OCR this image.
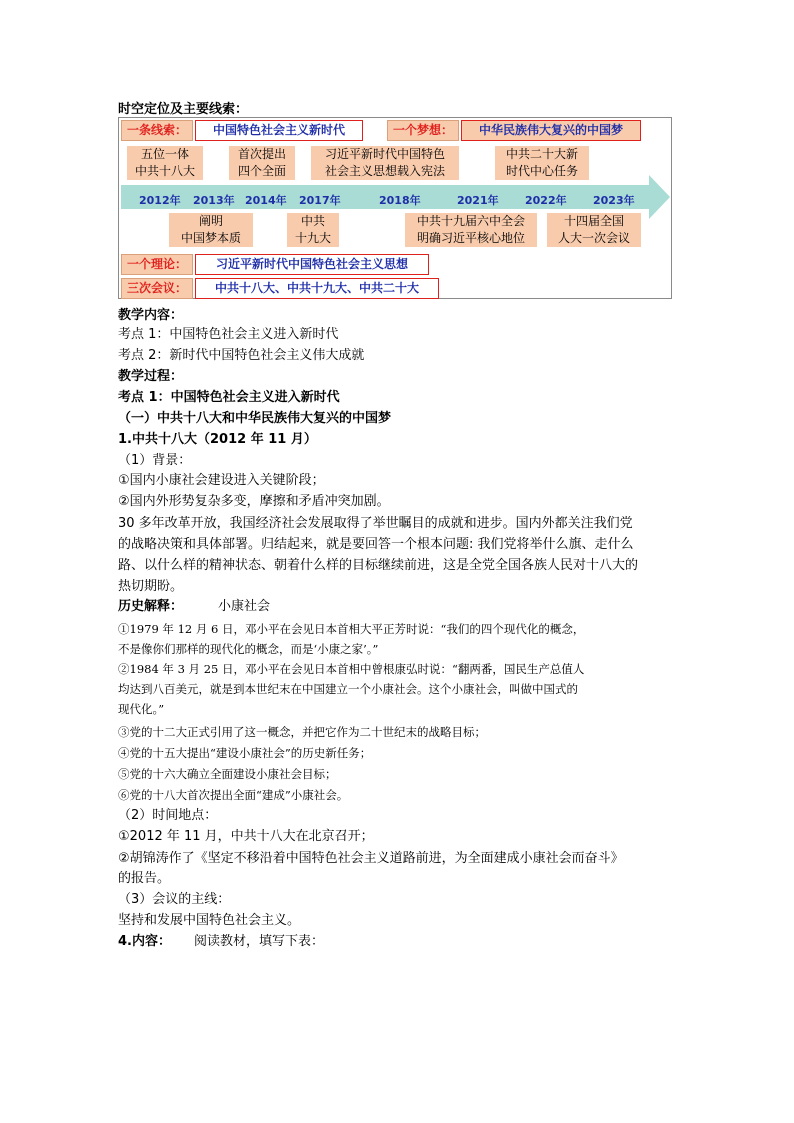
时空定位及主要线索：
一条线索：	中国特色社会主义新时代	一个梦想：	中华民族伟大复兴的中国梦
五位一体
中共十八大
首次提出
四个全面
习近平新时代中国特色
社会主义思想载入宪法
中共二十大新
时代中心任务
2012年 2013年 2014年 2017年	2018年	2021年 2022年 2023年
阐明
中国梦本质
中共
十九大
中共十九届六中全会
明确习近平核心地位
十四届全国
人大一次会议
一个理论：	习近平新时代中国特色社会主义思想
三次会议：	中共十八大、中共十九大、中共二十大
教学内容：
考点 1：中国特色社会主义进入新时代
考点 2：新时代中国特色社会主义伟大成就
教学过程：
考点 1：中国特色社会主义进入新时代
（一）中共十八大和中华民族伟大复兴的中国梦
1.中共十八大（2012 年 11 月）
（1）背景：
①国内小康社会建设进入关键阶段；
②国内外形势复杂多变，摩擦和矛盾冲突加剧。
30 多年改革开放，我国经济社会发展取得了举世瞩目的成就和进步。国内外都关注我们党
的战略决策和具体部署。归结起来，就是要回答一个根本问题: 我们党将举什么旗、走什么
路、以什么样的精神状态、朝着什么样的目标继续前进，这是全党全国各族人民对十八大的
热切期盼。
历史解释：	小康社会
①1979 年 12 月 6 日，邓小平在会见日本首相大平正芳时说：“我们的四个现代化的概念，
不是像你们那样的现代化的概念，而是‘小康之家’。”
②1984 年 3 月 25 日，邓小平在会见日本首相中曾根康弘时说：“翻两番，国民生产总值人
均达到八百美元，就是到本世纪末在中国建立一个小康社会。这个小康社会，叫做中国式的
现代化。”
③党的十二大正式引用了这一概念，并把它作为二十世纪末的战略目标；
④党的十五大提出“建设小康社会”的历史新任务；
⑤党的十六大确立全面建设小康社会目标；
⑥党的十八大首次提出全面“建成”小康社会。
（2）时间地点：
①2012 年 11 月，中共十八大在北京召开；
②胡锦涛作了《坚定不移沿着中国特色社会主义道路前进，为全面建成小康社会而奋斗》
的报告。
（3）会议的主线：
坚持和发展中国特色社会主义。
4.内容： 阅读教材，填写下表：
